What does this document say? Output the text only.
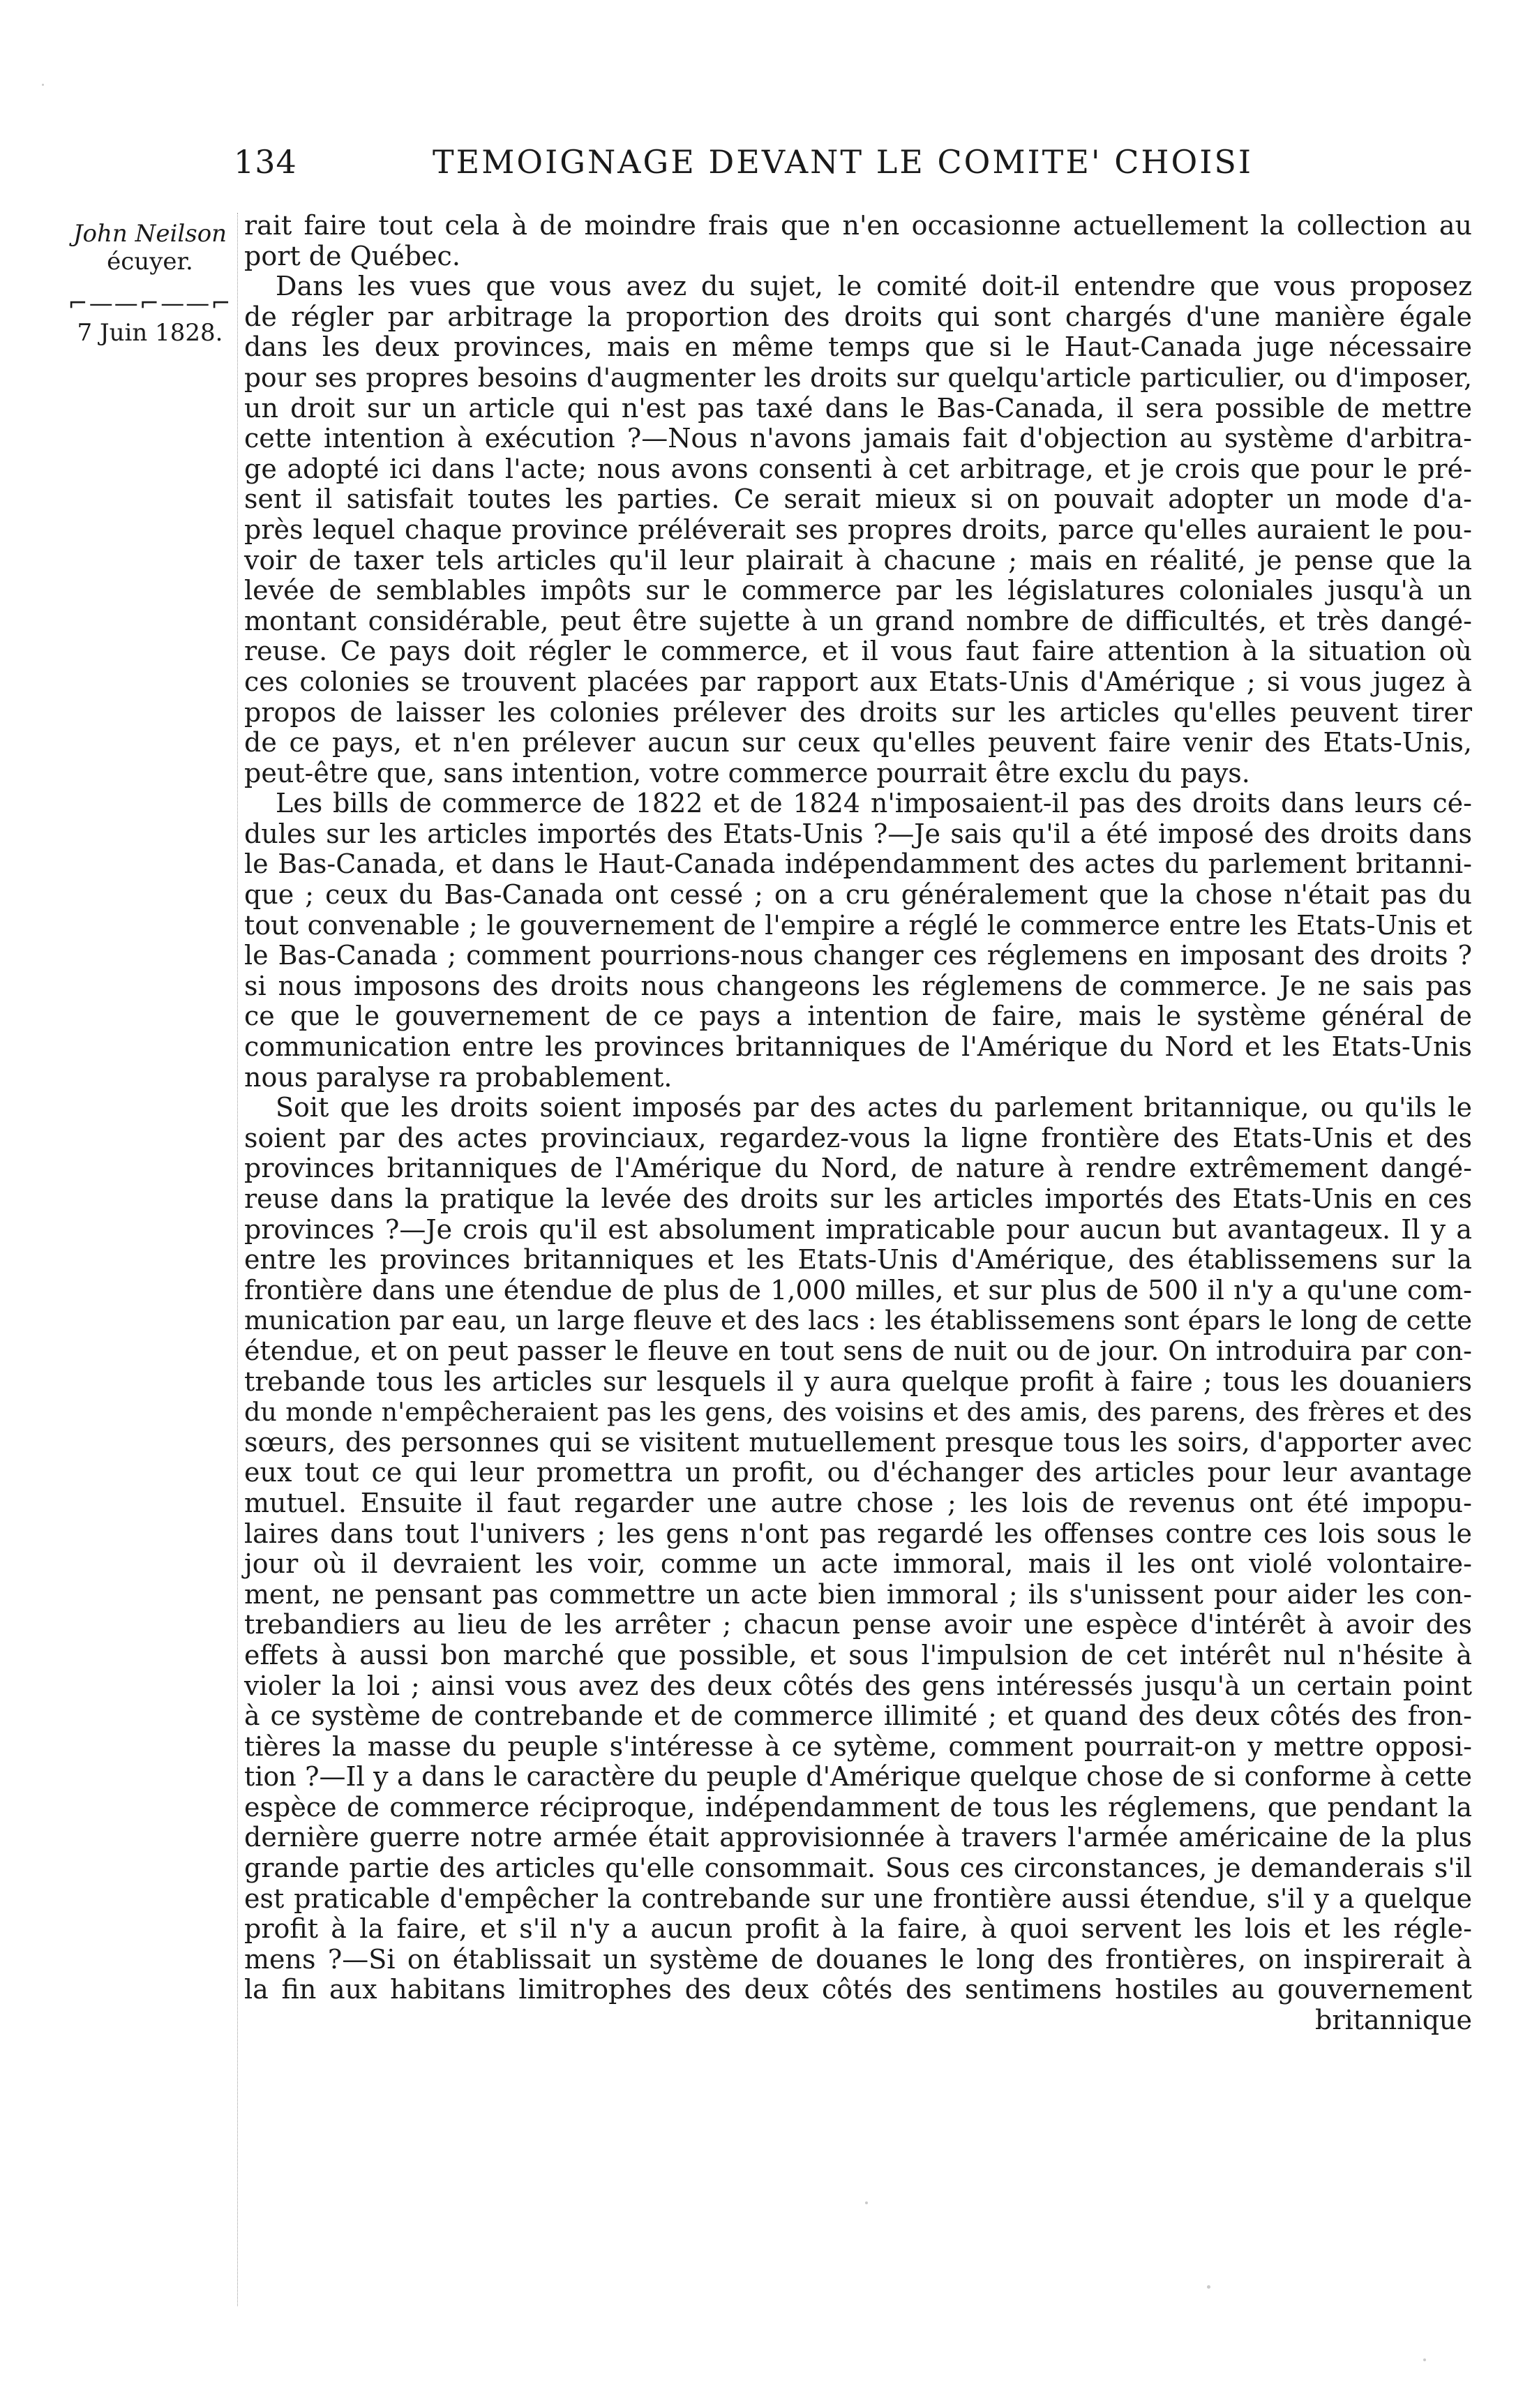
134	TEMOIGNAGE DEVANT LE COMITE' CHOISI
John Neilson
écuyer.
⌐——⌐——⌐
7 Juin 1828.
rait faire tout cela à de moindre frais que n'en occasionne actuellement la collection au
port de Québec.
Dans les vues que vous avez du sujet, le comité doit-il entendre que vous proposez
de régler par arbitrage la proportion des droits qui sont chargés d'une manière égale
dans les deux provinces, mais en même temps que si le Haut-Canada juge nécessaire
pour ses propres besoins d'augmenter les droits sur quelqu'article particulier, ou d'imposer,
un droit sur un article qui n'est pas taxé dans le Bas-Canada, il sera possible de mettre
cette intention à exécution ?—Nous n'avons jamais fait d'objection au système d'arbitra-
ge adopté ici dans l'acte; nous avons consenti à cet arbitrage, et je crois que pour le pré-
sent il satisfait toutes les parties. Ce serait mieux si on pouvait adopter un mode d'a-
près lequel chaque province préléverait ses propres droits, parce qu'elles auraient le pou-
voir de taxer tels articles qu'il leur plairait à chacune ; mais en réalité, je pense que la
levée de semblables impôts sur le commerce par les législatures coloniales jusqu'à un
montant considérable, peut être sujette à un grand nombre de difficultés, et très dangé-
reuse. Ce pays doit régler le commerce, et il vous faut faire attention à la situation où
ces colonies se trouvent placées par rapport aux Etats-Unis d'Amérique ; si vous jugez à
propos de laisser les colonies prélever des droits sur les articles qu'elles peuvent tirer
de ce pays, et n'en prélever aucun sur ceux qu'elles peuvent faire venir des Etats-Unis,
peut-être que, sans intention, votre commerce pourrait être exclu du pays.
Les bills de commerce de 1822 et de 1824 n'imposaient-il pas des droits dans leurs cé-
dules sur les articles importés des Etats-Unis ?—Je sais qu'il a été imposé des droits dans
le Bas-Canada, et dans le Haut-Canada indépendamment des actes du parlement britanni-
que ; ceux du Bas-Canada ont cessé ; on a cru généralement que la chose n'était pas du
tout convenable ; le gouvernement de l'empire a réglé le commerce entre les Etats-Unis et
le Bas-Canada ; comment pourrions-nous changer ces réglemens en imposant des droits ?
si nous imposons des droits nous changeons les réglemens de commerce. Je ne sais pas
ce que le gouvernement de ce pays a intention de faire, mais le système général de
communication entre les provinces britanniques de l'Amérique du Nord et les Etats-Unis
nous paralyse ra probablement.
Soit que les droits soient imposés par des actes du parlement britannique, ou qu'ils le
soient par des actes provinciaux, regardez-vous la ligne frontière des Etats-Unis et des
provinces britanniques de l'Amérique du Nord, de nature à rendre extrêmement dangé-
reuse dans la pratique la levée des droits sur les articles importés des Etats-Unis en ces
provinces ?—Je crois qu'il est absolument impraticable pour aucun but avantageux. Il y a
entre les provinces britanniques et les Etats-Unis d'Amérique, des établissemens sur la
frontière dans une étendue de plus de 1,000 milles, et sur plus de 500 il n'y a qu'une com-
munication par eau, un large fleuve et des lacs : les établissemens sont épars le long de cette
étendue, et on peut passer le fleuve en tout sens de nuit ou de jour. On introduira par con-
trebande tous les articles sur lesquels il y aura quelque profit à faire ; tous les douaniers
du monde n'empêcheraient pas les gens, des voisins et des amis, des parens, des frères et des
sœurs, des personnes qui se visitent mutuellement presque tous les soirs, d'apporter avec
eux tout ce qui leur promettra un profit, ou d'échanger des articles pour leur avantage
mutuel. Ensuite il faut regarder une autre chose ; les lois de revenus ont été impopu-
laires dans tout l'univers ; les gens n'ont pas regardé les offenses contre ces lois sous le
jour où il devraient les voir, comme un acte immoral, mais il les ont violé volontaire-
ment, ne pensant pas commettre un acte bien immoral ; ils s'unissent pour aider les con-
trebandiers au lieu de les arrêter ; chacun pense avoir une espèce d'intérêt à avoir des
effets à aussi bon marché que possible, et sous l'impulsion de cet intérêt nul n'hésite à
violer la loi ; ainsi vous avez des deux côtés des gens intéressés jusqu'à un certain point
à ce système de contrebande et de commerce illimité ; et quand des deux côtés des fron-
tières la masse du peuple s'intéresse à ce sytème, comment pourrait-on y mettre opposi-
tion ?—Il y a dans le caractère du peuple d'Amérique quelque chose de si conforme à cette
espèce de commerce réciproque, indépendamment de tous les réglemens, que pendant la
dernière guerre notre armée était approvisionnée à travers l'armée américaine de la plus
grande partie des articles qu'elle consommait. Sous ces circonstances, je demanderais s'il
est praticable d'empêcher la contrebande sur une frontière aussi étendue, s'il y a quelque
profit à la faire, et s'il n'y a aucun profit à la faire, à quoi servent les lois et les régle-
mens ?—Si on établissait un système de douanes le long des frontières, on inspirerait à
la fin aux habitans limitrophes des deux côtés des sentimens hostiles au gouvernement
britannique
